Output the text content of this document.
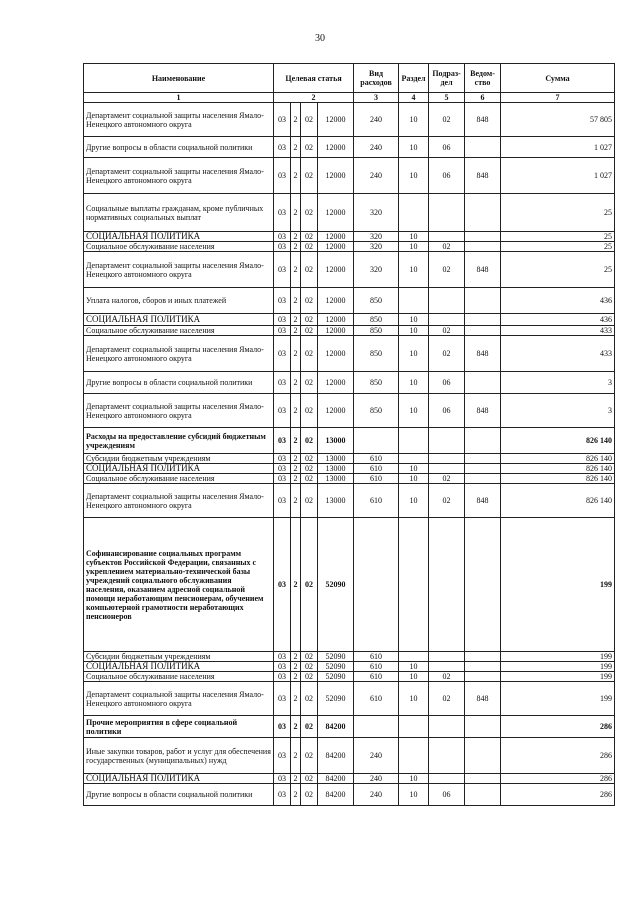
30
Наименование	Целевая статья				Вид расходов	Раздел	Подраз-дел	Ведом-ство	Сумма
1	2				3	4	5	6	7
Департамент социальной защиты населения Ямало-Ненецкого автономного округа	03	2	02	12000	240	10	02	848	57 805
Другие вопросы в области социальной политики	03	2	02	12000	240	10	06		1 027
Департамент социальной защиты населения Ямало-Ненецкого автономного округа	03	2	02	12000	240	10	06	848	1 027
Социальные выплаты гражданам, кроме публичных нормативных социальных выплат	03	2	02	12000	320				25
СОЦИАЛЬНАЯ ПОЛИТИКА	03	2	02	12000	320	10			25
Социальное обслуживание населения	03	2	02	12000	320	10	02		25
Департамент социальной защиты населения Ямало-Ненецкого автономного округа	03	2	02	12000	320	10	02	848	25
Уплата налогов, сборов и иных платежей	03	2	02	12000	850				436
СОЦИАЛЬНАЯ ПОЛИТИКА	03	2	02	12000	850	10			436
Социальное обслуживание населения	03	2	02	12000	850	10	02		433
Департамент социальной защиты населения Ямало-Ненецкого автономного округа	03	2	02	12000	850	10	02	848	433
Другие вопросы в области социальной политики	03	2	02	12000	850	10	06		3
Департамент социальной защиты населения Ямало-Ненецкого автономного округа	03	2	02	12000	850	10	06	848	3
Расходы на предоставление субсидий бюджетным учреждениям	03	2	02	13000					826 140
Субсидии бюджетным учреждениям	03	2	02	13000	610				826 140
СОЦИАЛЬНАЯ ПОЛИТИКА	03	2	02	13000	610	10			826 140
Социальное обслуживание населения	03	2	02	13000	610	10	02		826 140
Департамент социальной защиты населения Ямало-Ненецкого автономного округа	03	2	02	13000	610	10	02	848	826 140
Софинансирование социальных программ субъектов Российской Федерации, связанных с укреплением материально-технической базы учреждений социального обслуживания населения, оказанием адресной социальной помощи неработающим пенсионерам, обучением компьютерной грамотности неработающих пенсионеров	03	2	02	52090					199
Субсидии бюджетным учреждениям	03	2	02	52090	610				199
СОЦИАЛЬНАЯ ПОЛИТИКА	03	2	02	52090	610	10			199
Социальное обслуживание населения	03	2	02	52090	610	10	02		199
Департамент социальной защиты населения Ямало-Ненецкого автономного округа	03	2	02	52090	610	10	02	848	199
Прочие мероприятия в сфере социальной политики	03	2	02	84200					286
Иные закупки товаров, работ и услуг для обеспечения государственных (муниципальных) нужд	03	2	02	84200	240				286
СОЦИАЛЬНАЯ ПОЛИТИКА	03	2	02	84200	240	10			286
Другие вопросы в области социальной политики	03	2	02	84200	240	10	06		286
